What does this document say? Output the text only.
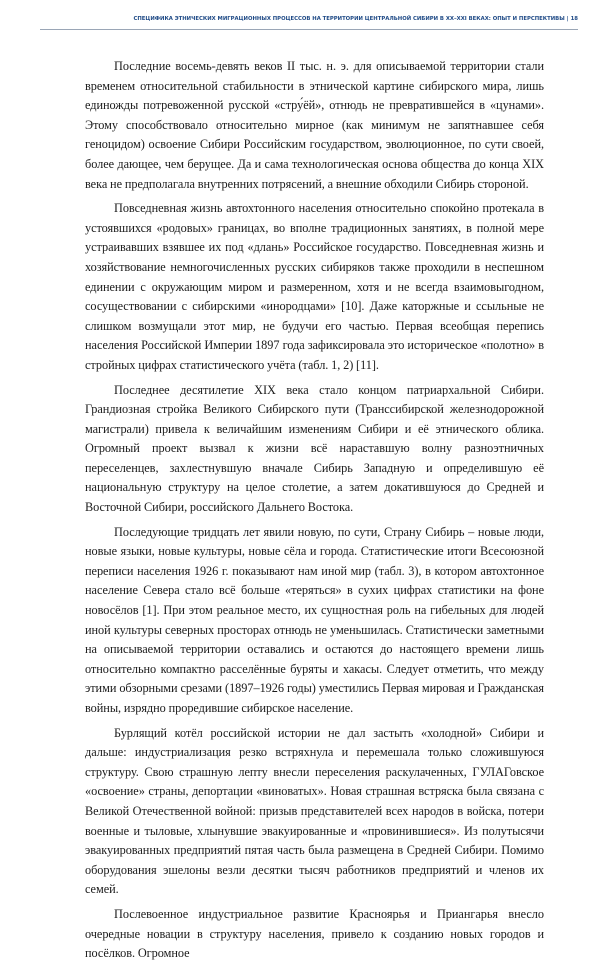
СПЕЦИФИКА ЭТНИЧЕСКИХ МИГРАЦИОННЫХ ПРОЦЕССОВ НА ТЕРРИТОРИИ ЦЕНТРАЛЬНОЙ СИБИРИ В XX–XXI ВЕКАХ: ОПЫТ И ПЕРСПЕКТИВЫ | 18

Последние восемь-девять веков II тыс. н. э. для описываемой территории стали временем относительной стабильности в этнической картине сибирского мира, лишь единожды потревоженной русской «стру́ёй», отнюдь не превратившейся в «цунами». Этому способствовало относительно мирное (как минимум не запятнавшее себя геноцидом) освоение Сибири Российским государством, эволюционное, по сути своей, более дающее, чем берущее. Да и сама технологическая основа общества до конца XIX века не предполагала внутренних потрясений, а внешние обходили Сибирь стороной.

Повседневная жизнь автохтонного населения относительно спокойно протекала в устоявшихся «родовых» границах, во вполне традиционных занятиях, в полной мере устраивавших взявшее их под «длань» Российское государство. Повседневная жизнь и хозяйствование немногочисленных русских сибиряков также проходили в неспешном единении с окружающим миром и размеренном, хотя и не всегда взаимовыгодном, сосуществовании с сибирскими «инородцами» [10]. Даже каторжные и ссыльные не слишком возмущали этот мир, не будучи его частью. Первая всеобщая перепись населения Российской Империи 1897 года зафиксировала это историческое «полотно» в стройных цифрах статистического учёта (табл. 1, 2) [11].

Последнее десятилетие XIX века стало концом патриархальной Сибири. Грандиозная стройка Великого Сибирского пути (Транссибирской железнодорожной магистрали) привела к величайшим изменениям Сибири и её этнического облика. Огромный проект вызвал к жизни всё нараставшую волну разноэтничных переселенцев, захлестнувшую вначале Сибирь Западную и определившую её национальную структуру на целое столетие, а затем докатившуюся до Средней и Восточной Сибири, российского Дальнего Востока.

Последующие тридцать лет явили новую, по сути, Страну Сибирь – новые люди, новые языки, новые культуры, новые сёла и города. Статистические итоги Всесоюзной переписи населения 1926 г. показывают нам иной мир (табл. 3), в котором автохтонное население Севера стало всё больше «теряться» в сухих цифрах статистики на фоне новосёлов [1]. При этом реальное место, их сущностная роль на гибельных для людей иной культуры северных просторах отнюдь не уменьшилась. Статистически заметными на описываемой территории оставались и остаются до настоящего времени лишь относительно компактно расселённые буряты и хакасы. Следует отметить, что между этими обзорными срезами (1897–1926 годы) уместились Первая мировая и Гражданская войны, изрядно проредившие сибирское население.

Бурлящий котёл российской истории не дал застыть «холодной» Сибири и дальше: индустриализация резко встряхнула и перемешала только сложившуюся структуру. Свою страшную лепту внесли переселения раскулаченных, ГУЛАГовское «освоение» страны, депортации «виноватых». Новая страшная встряска была связана с Великой Отечественной войной: призыв представителей всех народов в войска, потери военные и тыловые, хлынувшие эвакуированные и «провинившиеся». Из полутысячи эвакуированных предприятий пятая часть была размещена в Средней Сибири. Помимо оборудования эшелоны везли десятки тысяч работников предприятий и членов их семей.

Послевоенное индустриальное развитие Красноярья и Приангарья внесло очередные новации в структуру населения, привело к созданию новых городов и посёлков. Огромное
